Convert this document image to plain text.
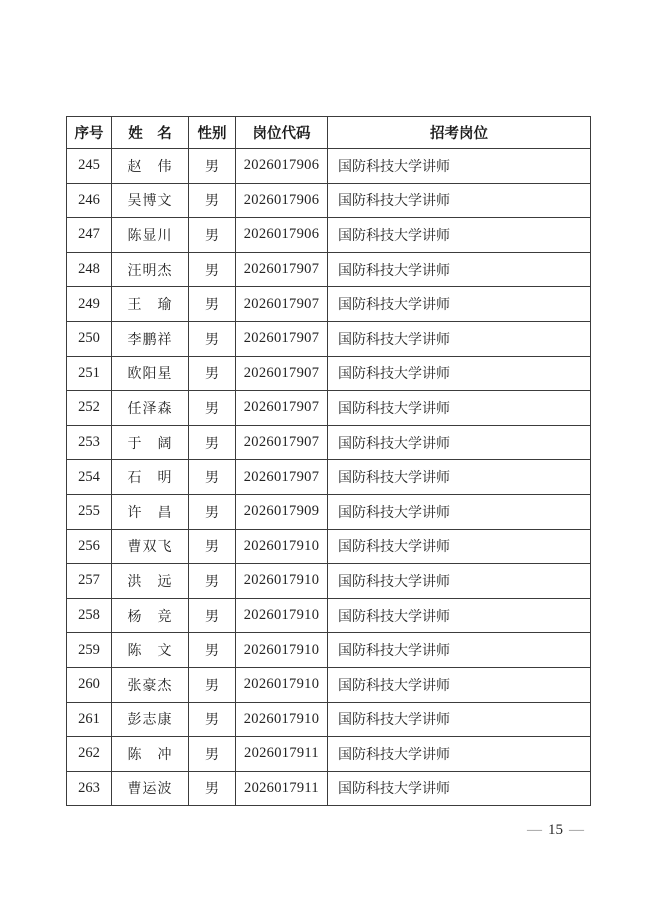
序号	姓　名	性别	岗位代码	招考岗位
245	赵　伟	男	2026017906	国防科技大学讲师
246	吴博文	男	2026017906	国防科技大学讲师
247	陈显川	男	2026017906	国防科技大学讲师
248	汪明杰	男	2026017907	国防科技大学讲师
249	王　瑜	男	2026017907	国防科技大学讲师
250	李鹏祥	男	2026017907	国防科技大学讲师
251	欧阳星	男	2026017907	国防科技大学讲师
252	任泽森	男	2026017907	国防科技大学讲师
253	于　阔	男	2026017907	国防科技大学讲师
254	石　明	男	2026017907	国防科技大学讲师
255	许　昌	男	2026017909	国防科技大学讲师
256	曹双飞	男	2026017910	国防科技大学讲师
257	洪　远	男	2026017910	国防科技大学讲师
258	杨　竞	男	2026017910	国防科技大学讲师
259	陈　文	男	2026017910	国防科技大学讲师
260	张豪杰	男	2026017910	国防科技大学讲师
261	彭志康	男	2026017910	国防科技大学讲师
262	陈　冲	男	2026017911	国防科技大学讲师
263	曹运波	男	2026017911	国防科技大学讲师
— 15 —
